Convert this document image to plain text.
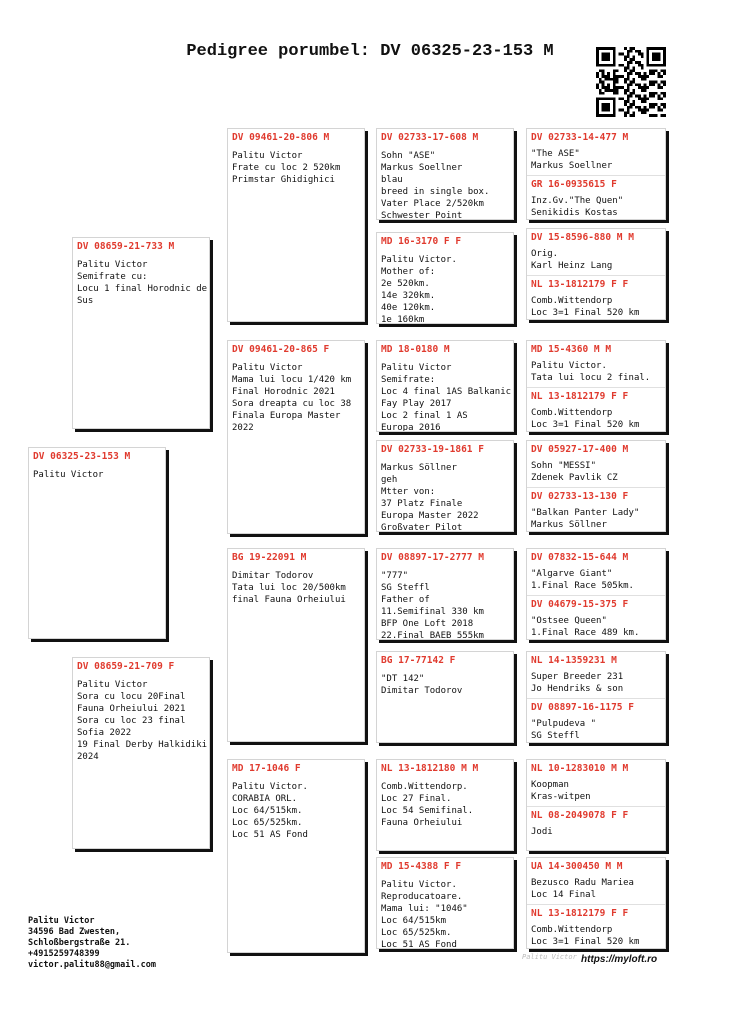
Pedigree porumbel: DV 06325-23-153 M
DV 06325-23-153 M
Palitu Victor
DV 08659-21-733 M
Palitu Victor
Semifrate cu:
Locu 1 final Horodnic de
Sus
DV 08659-21-709 F
Palitu Victor
Sora cu locu 20Final
Fauna Orheiului 2021
Sora cu loc 23 final
Sofia 2022
19 Final Derby Halkidiki
2024
DV 09461-20-806 M
Palitu Victor
Frate cu loc 2 520km
Primstar Ghidighici
DV 09461-20-865 F
Palitu Victor
Mama lui locu 1/420 km
Final Horodnic 2021
Sora dreapta cu loc 38
Finala Europa Master
2022
BG 19-22091 M
Dimitar Todorov
Tata lui loc 20/500km
final Fauna Orheiului
MD 17-1046 F
Palitu Victor.
CORABIA ORL.
Loc 64/515km.
Loc 65/525km.
Loc 51 AS Fond
DV 02733-17-608 M
Sohn "ASE"
Markus Soellner
blau
breed in single box.
Vater Place 2/520km
Schwester Point
MD 16-3170 F F
Palitu Victor.
Mother of:
2e 520km.
14e 320km.
40e 120km.
1e 160km
MD 18-0180 M
Palitu Victor
Semifrate:
Loc 4 final 1AS Balkanic
Fay Play 2017
Loc 2 final 1 AS
Europa 2016
DV 02733-19-1861 F
Markus Söllner
geh
Mtter von:
37 Platz Finale
Europa Master 2022
Großvater Pilot
DV 08897-17-2777 M
"777"
SG Steffl
Father of
11.Semifinal 330 km
BFP One Loft 2018
22.Final BAEB 555km
BG 17-77142 F
"DT 142"
Dimitar Todorov
NL 13-1812180 M M
Comb.Wittendorp.
Loc 27 Final.
Loc 54 Semifinal.
Fauna Orheiului
MD 15-4388 F F
Palitu Victor.
Reproducatoare.
Mama lui: "1046"
Loc 64/515km
Loc 65/525km.
Loc 51 AS Fond
DV 02733-14-477 M
"The ASE"
Markus Soellner
GR 16-0935615 F
Inz.Gv."The Quen"
Senikidis Kostas
DV 15-8596-880 M M
Orig.
Karl Heinz Lang
NL 13-1812179 F F
Comb.Wittendorp
Loc 3=1 Final 520 km
MD 15-4360 M M
Palitu Victor.
Tata lui locu 2 final.
NL 13-1812179 F F
Comb.Wittendorp
Loc 3=1 Final 520 km
DV 05927-17-400 M
Sohn "MESSI"
Zdenek Pavlik CZ
DV 02733-13-130 F
"Balkan Panter Lady"
Markus Söllner
DV 07832-15-644 M
"Algarve Giant"
1.Final Race 505km.
DV 04679-15-375 F
"Ostsee Queen"
1.Final Race 489 km.
NL 14-1359231 M
Super Breeder 231
Jo Hendriks & son
DV 08897-16-1175 F
"Pulpudeva "
SG Steffl
NL 10-1283010 M M
Koopman
Kras-witpen
NL 08-2049078 F F
Jodi
UA 14-300450 M M
Bezusco Radu Mariea
Loc 14 Final
NL 13-1812179 F F
Comb.Wittendorp
Loc 3=1 Final 520 km
Palitu Victor
34596 Bad Zwesten,
Schloßbergstraße 21.
+4915259748399
victor.palitu88@gmail.com
Palitu Victor https://myloft.ro
